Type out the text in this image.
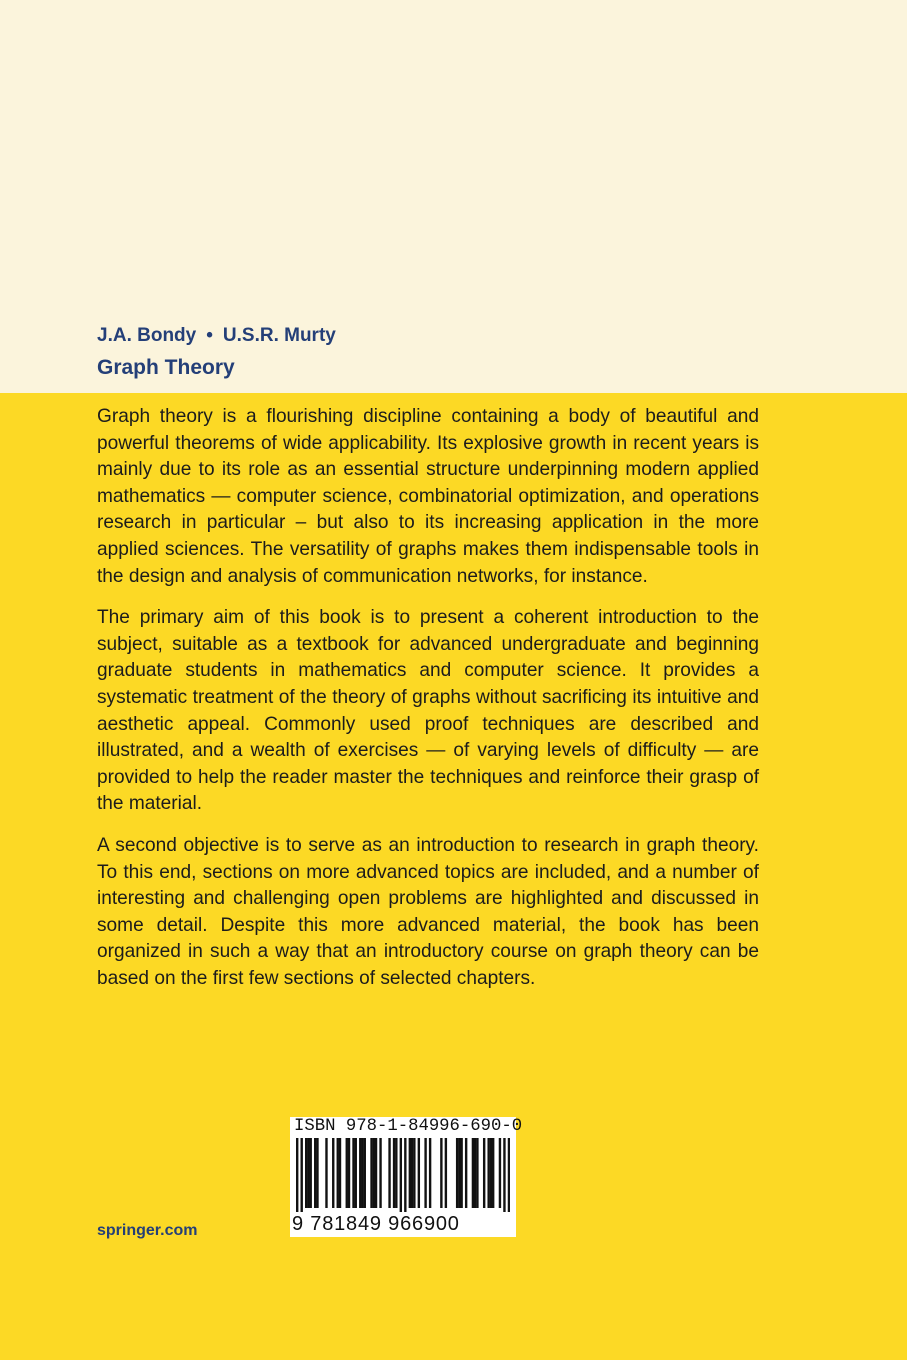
J.A. Bondy • U.S.R. Murty
Graph Theory

Graph theory is a flourishing discipline containing a body of beautiful and powerful theorems of wide applicability. Its explosive growth in recent years is mainly due to its role as an essential structure underpinning modern applied mathematics — computer science, combinatorial optimization, and operations research in particular – but also to its increasing application in the more applied sciences. The versatility of graphs makes them indispensable tools in the design and analysis of communication networks, for instance.

The primary aim of this book is to present a coherent introduction to the subject, suitable as a textbook for advanced undergraduate and beginning graduate students in mathematics and computer science. It provides a systematic treatment of the theory of graphs without sacrificing its intuitive and aesthetic appeal. Commonly used proof techniques are described and illustrated, and a wealth of exercises — of varying levels of difficulty — are provided to help the reader master the techniques and reinforce their grasp of the material.

A second objective is to serve as an introduction to research in graph theory. To this end, sections on more advanced topics are included, and a number of interesting and challenging open problems are highlighted and discussed in some detail. Despite this more advanced material, the book has been organized in such a way that an introductory course on graph theory can be based on the first few sections of selected chapters.

ISBN 978-1-84996-690-0
9 781849 966900
springer.com
